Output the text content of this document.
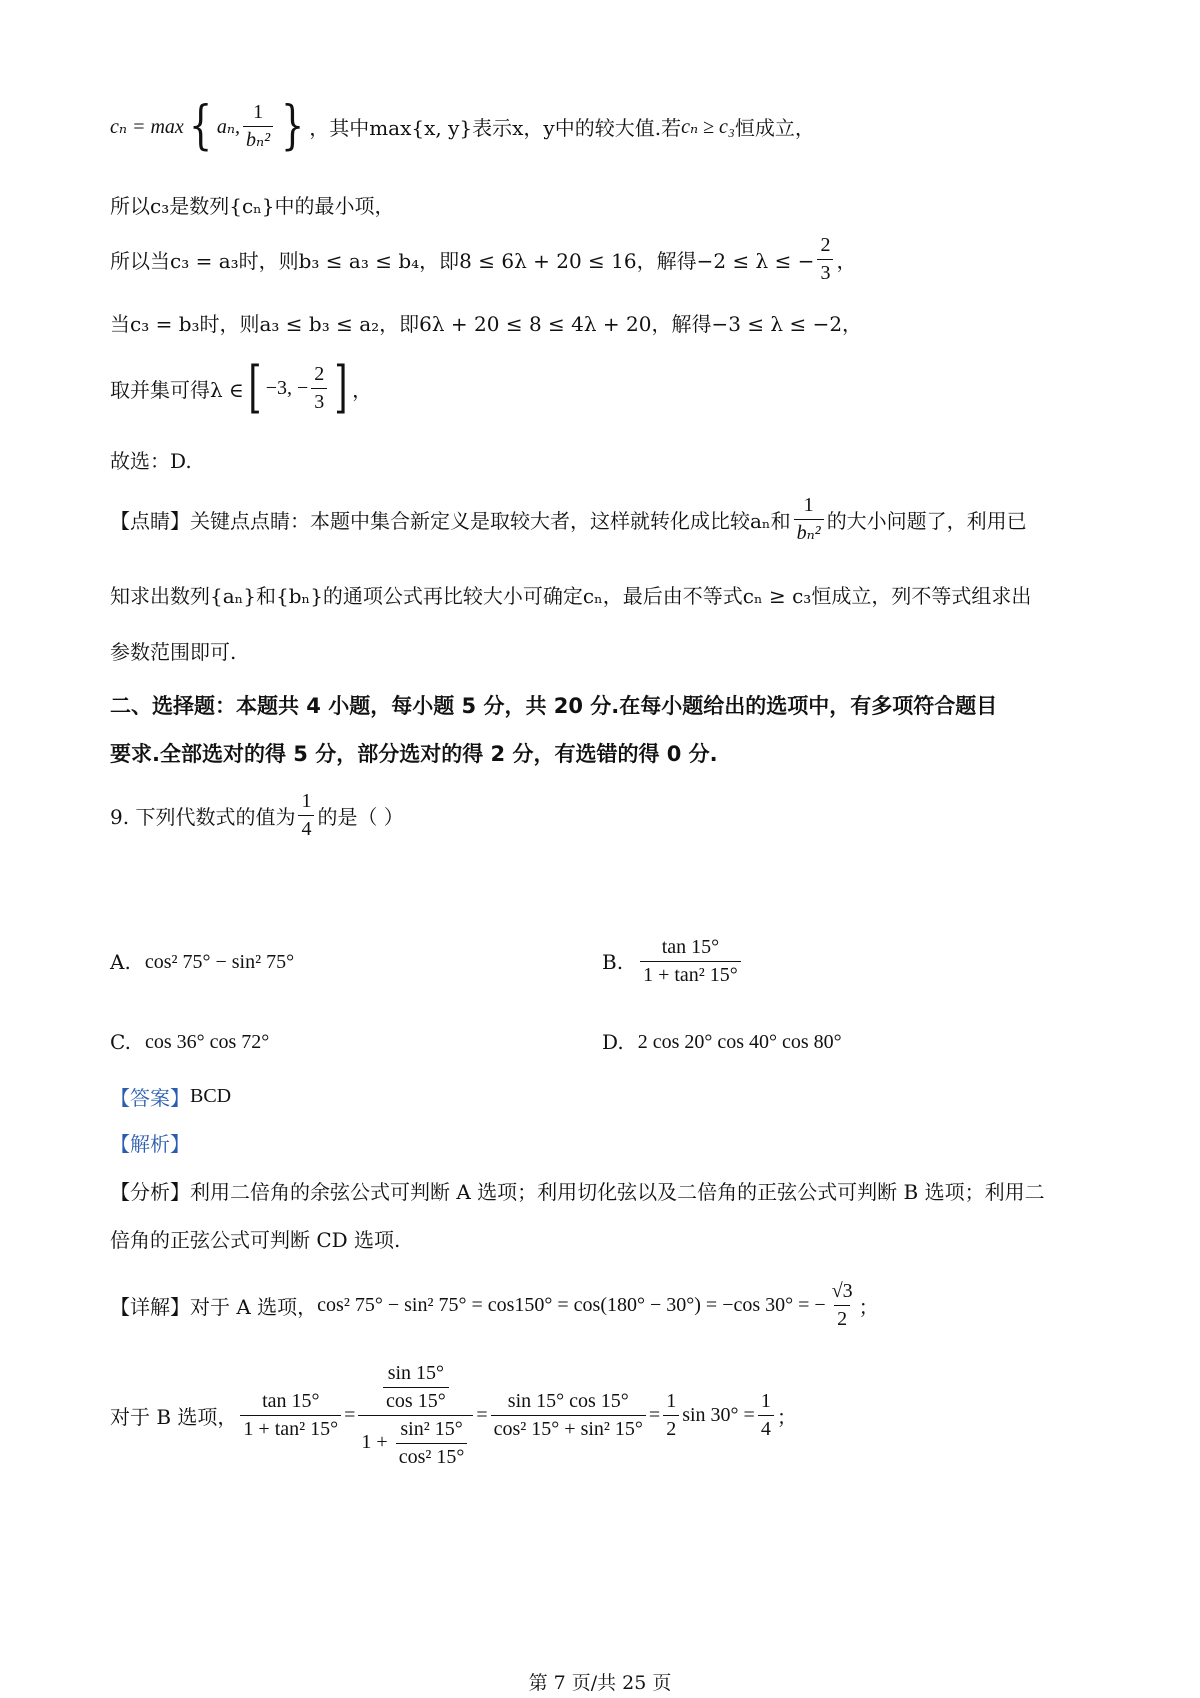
cₙ = max { aₙ, $\frac{1}{\text{bₙ²}}$ } ，其中max{x, y}表示x，y中的较大值.若 cₙ ≥ c₃ 恒成立，
所以c₃是数列{cₙ}中的最小项，
所以当c₃ = a₃时，则b₃ ≤ a₃ ≤ b₄，即8 ≤ 6λ + 20 ≤ 16，解得−2 ≤ λ ≤ − $\frac{2}{3}$ ，
当c₃ = b₃时，则a₃ ≤ b₃ ≤ a₂，即6λ + 20 ≤ 8 ≤ 4λ + 20，解得−3 ≤ λ ≤ −2，
取并集可得λ ∈ [ −3, − $\frac{2}{3}$ ] ，
故选：D.
【点睛】关键点点睛：本题中集合新定义是取较大者，这样就转化成比较aₙ和 $\frac{1}{\text{bₙ²}}$ 的大小问题了，利用已
知求出数列{aₙ}和{bₙ}的通项公式再比较大小可确定cₙ，最后由不等式cₙ ≥ c₃恒成立，列不等式组求出
参数范围即可.
二、选择题：本题共 4 小题，每小题 5 分，共 20 分.在每小题给出的选项中，有多项符合题目
要求.全部选对的得 5 分，部分选对的得 2 分，有选错的得 0 分.
9. 下列代数式的值为 $\frac{1}{4}$ 的是（ ）
A. cos² 75° − sin² 75°	B. $\frac{\tan 15^\circ}{\text{1 + tan² 15°}}$
C. cos 36° cos 72°	D. 2 cos 20° cos 40° cos 80°
【答案】 BCD
【解析】
【分析】利用二倍角的余弦公式可判断 A 选项；利用切化弦以及二倍角的正弦公式可判断 B 选项；利用二
倍角的正弦公式可判断 CD 选项.
【详解】对于 A 选项， cos² 75° − sin² 75° = cos150° = cos(180° − 30°) = −cos 30° = − $\frac{√3}{2}$ ；
对于 B 选项， $\frac{\tan 15^\circ}{\text{1 + tan² 15°}} = \frac{\frac{\sin 15^\circ}{\cos 15^\circ}}{1 + \frac{\text{sin² 15°}}{\text{cos² 15°}}} = \frac{\sin 15^\circ \cos 15^\circ}{\text{cos² 15° + sin² 15°}} = \frac{1}{2}$ $\sin 30^\circ = \frac{1}{4}$ ；
第 7 页/共 25 页
